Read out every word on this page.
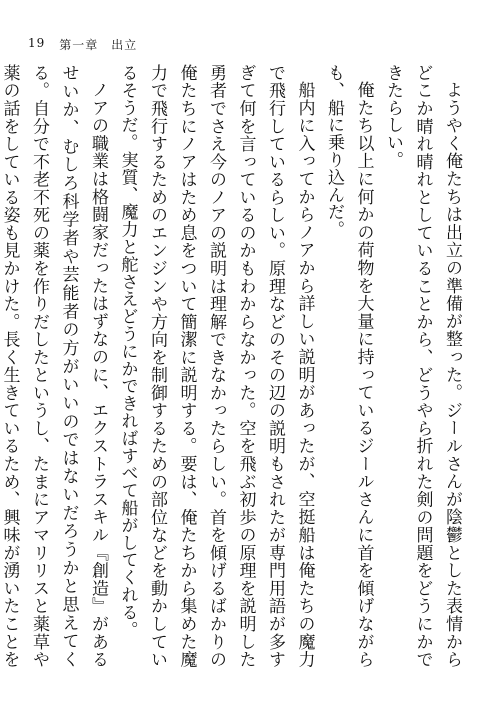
19 第一章　出立

ようやく俺たちは出立の準備が整った。ジールさんが陰鬱とした表情からどこか晴れ晴れとしていることから、どうやら折れた剣の問題をどうにかできたらしい。

俺たち以上に何かの荷物を大量に持っているジールさんに首を傾げながらも、船に乗り込んだ。

船内に入ってからノアから詳しい説明があったが、空挺船は俺たちの魔力で飛行しているらしい。原理などのその辺の説明もされたが専門用語が多すぎて何を言っているのかもわからなかった。空を飛ぶ初歩の原理を説明した勇者でさえ今のノアの説明は理解できなかったらしい。首を傾げるばかりの俺たちにノアはため息をついて簡潔に説明する。要は、俺たちから集めた魔力で飛行するためのエンジンや方向を制御するための部位などを動かしているそうだ。実質、魔力と舵さえどうにかできればすべて船がしてくれる。

ノアの職業は格闘家だったはずなのに、エクストラスキル『創造』があるせいか、むしろ科学者や芸能者の方がいいのではないだろうかと思えてくる。自分で不老不死の薬を作りだしたというし、たまにアマリリスと薬草や薬の話をしている姿も見かけた。長く生きているため、興味が湧いたことを
